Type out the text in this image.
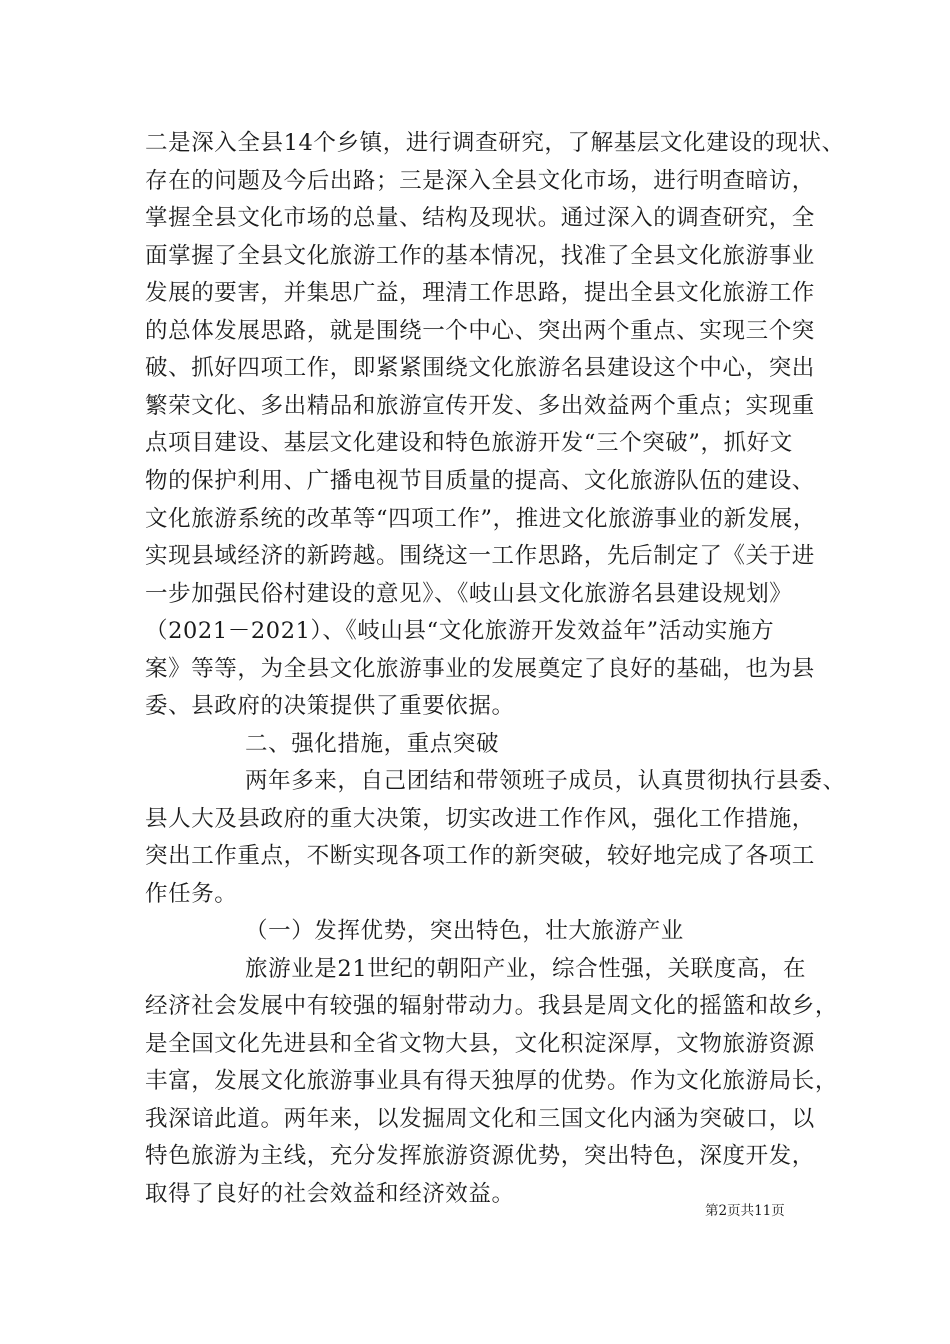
二是深入全县14个乡镇，进行调查研究，了解基层文化建设的现状、
存在的问题及今后出路；三是深入全县文化市场，进行明查暗访，
掌握全县文化市场的总量、结构及现状。通过深入的调查研究，全
面掌握了全县文化旅游工作的基本情况，找准了全县文化旅游事业
发展的要害，并集思广益，理清工作思路，提出全县文化旅游工作
的总体发展思路，就是围绕一个中心、突出两个重点、实现三个突
破、抓好四项工作，即紧紧围绕文化旅游名县建设这个中心，突出
繁荣文化、多出精品和旅游宣传开发、多出效益两个重点；实现重
点项目建设、基层文化建设和特色旅游开发“三个突破”，抓好文
物的保护利用、广播电视节目质量的提高、文化旅游队伍的建设、
文化旅游系统的改革等“四项工作”，推进文化旅游事业的新发展，
实现县域经济的新跨越。围绕这一工作思路，先后制定了《关于进
一步加强民俗村建设的意见》、《岐山县文化旅游名县建设规划》
（2021－2021）、《岐山县“文化旅游开发效益年”活动实施方
案》等等，为全县文化旅游事业的发展奠定了良好的基础，也为县
委、县政府的决策提供了重要依据。
二、强化措施，重点突破
两年多来，自己团结和带领班子成员，认真贯彻执行县委、
县人大及县政府的重大决策，切实改进工作作风，强化工作措施，
突出工作重点，不断实现各项工作的新突破，较好地完成了各项工
作任务。
（一）发挥优势，突出特色，壮大旅游产业
旅游业是21世纪的朝阳产业，综合性强，关联度高，在
经济社会发展中有较强的辐射带动力。我县是周文化的摇篮和故乡，
是全国文化先进县和全省文物大县，文化积淀深厚，文物旅游资源
丰富，发展文化旅游事业具有得天独厚的优势。作为文化旅游局长，
我深谙此道。两年来，以发掘周文化和三国文化内涵为突破口，以
特色旅游为主线，充分发挥旅游资源优势，突出特色，深度开发，
取得了良好的社会效益和经济效益。
第2页共11页
